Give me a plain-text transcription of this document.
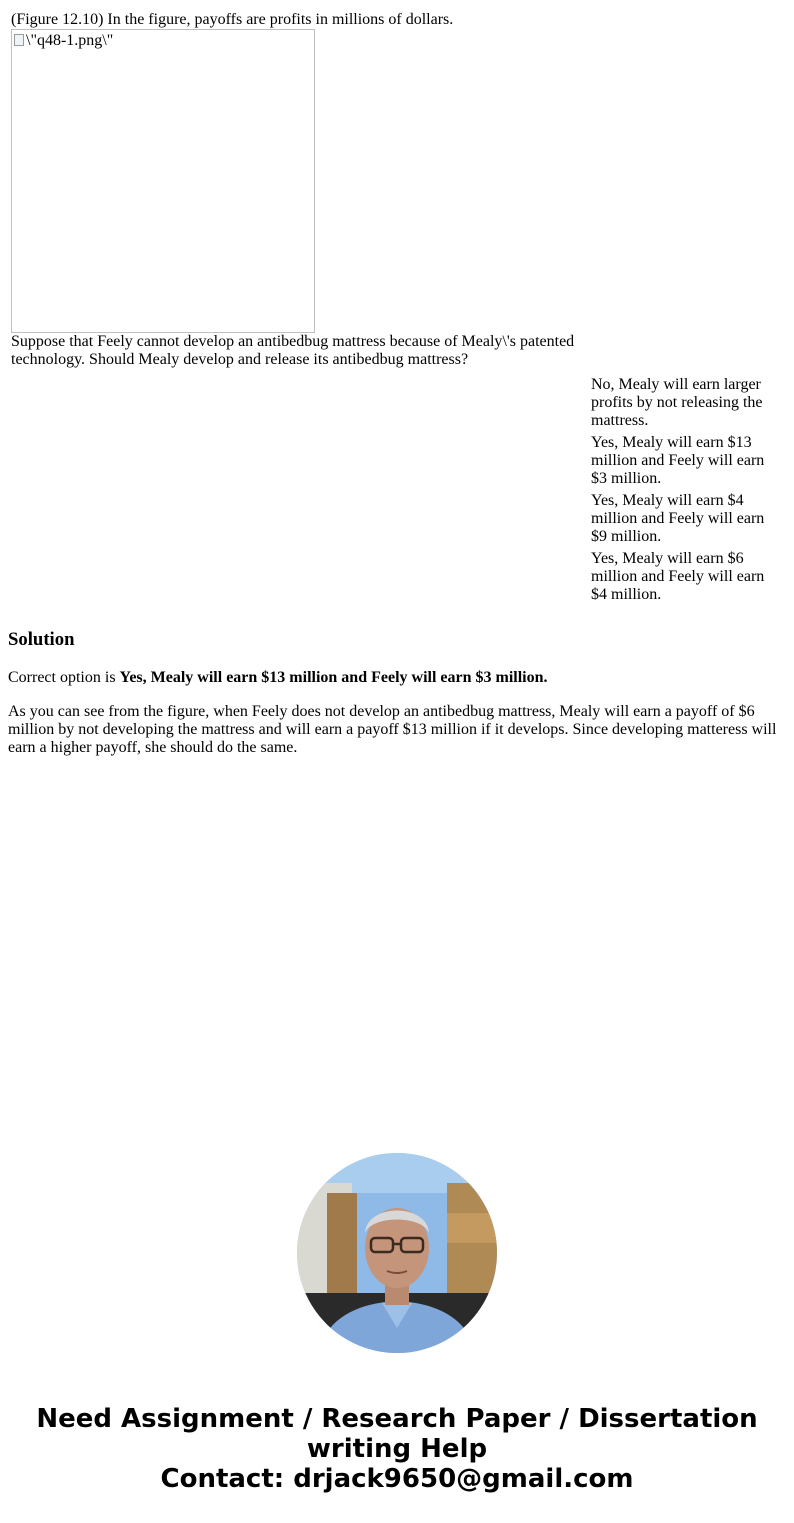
(Figure 12.10) In the figure, payoffs are profits in millions of dollars.

\"q48-1.png\"

Suppose that Feely cannot develop an antibedbug mattress because of Mealy\'s patented technology. Should Mealy develop and release its antibedbug mattress?

No, Mealy will earn larger profits by not releasing the mattress.
Yes, Mealy will earn $13 million and Feely will earn $3 million.
Yes, Mealy will earn $4 million and Feely will earn $9 million.
Yes, Mealy will earn $6 million and Feely will earn $4 million.
Solution

Correct option is Yes, Mealy will earn $13 million and Feely will earn $3 million.

As you can see from the figure, when Feely does not develop an antibedbug mattress, Mealy will earn a payoff of $6 million by not developing the mattress and will earn a payoff $13 million if it develops. Since developing matteress will earn a higher payoff, she should do the same.

Need Assignment / Research Paper / Dissertation writing Help
Contact: drjack9650@gmail.com
